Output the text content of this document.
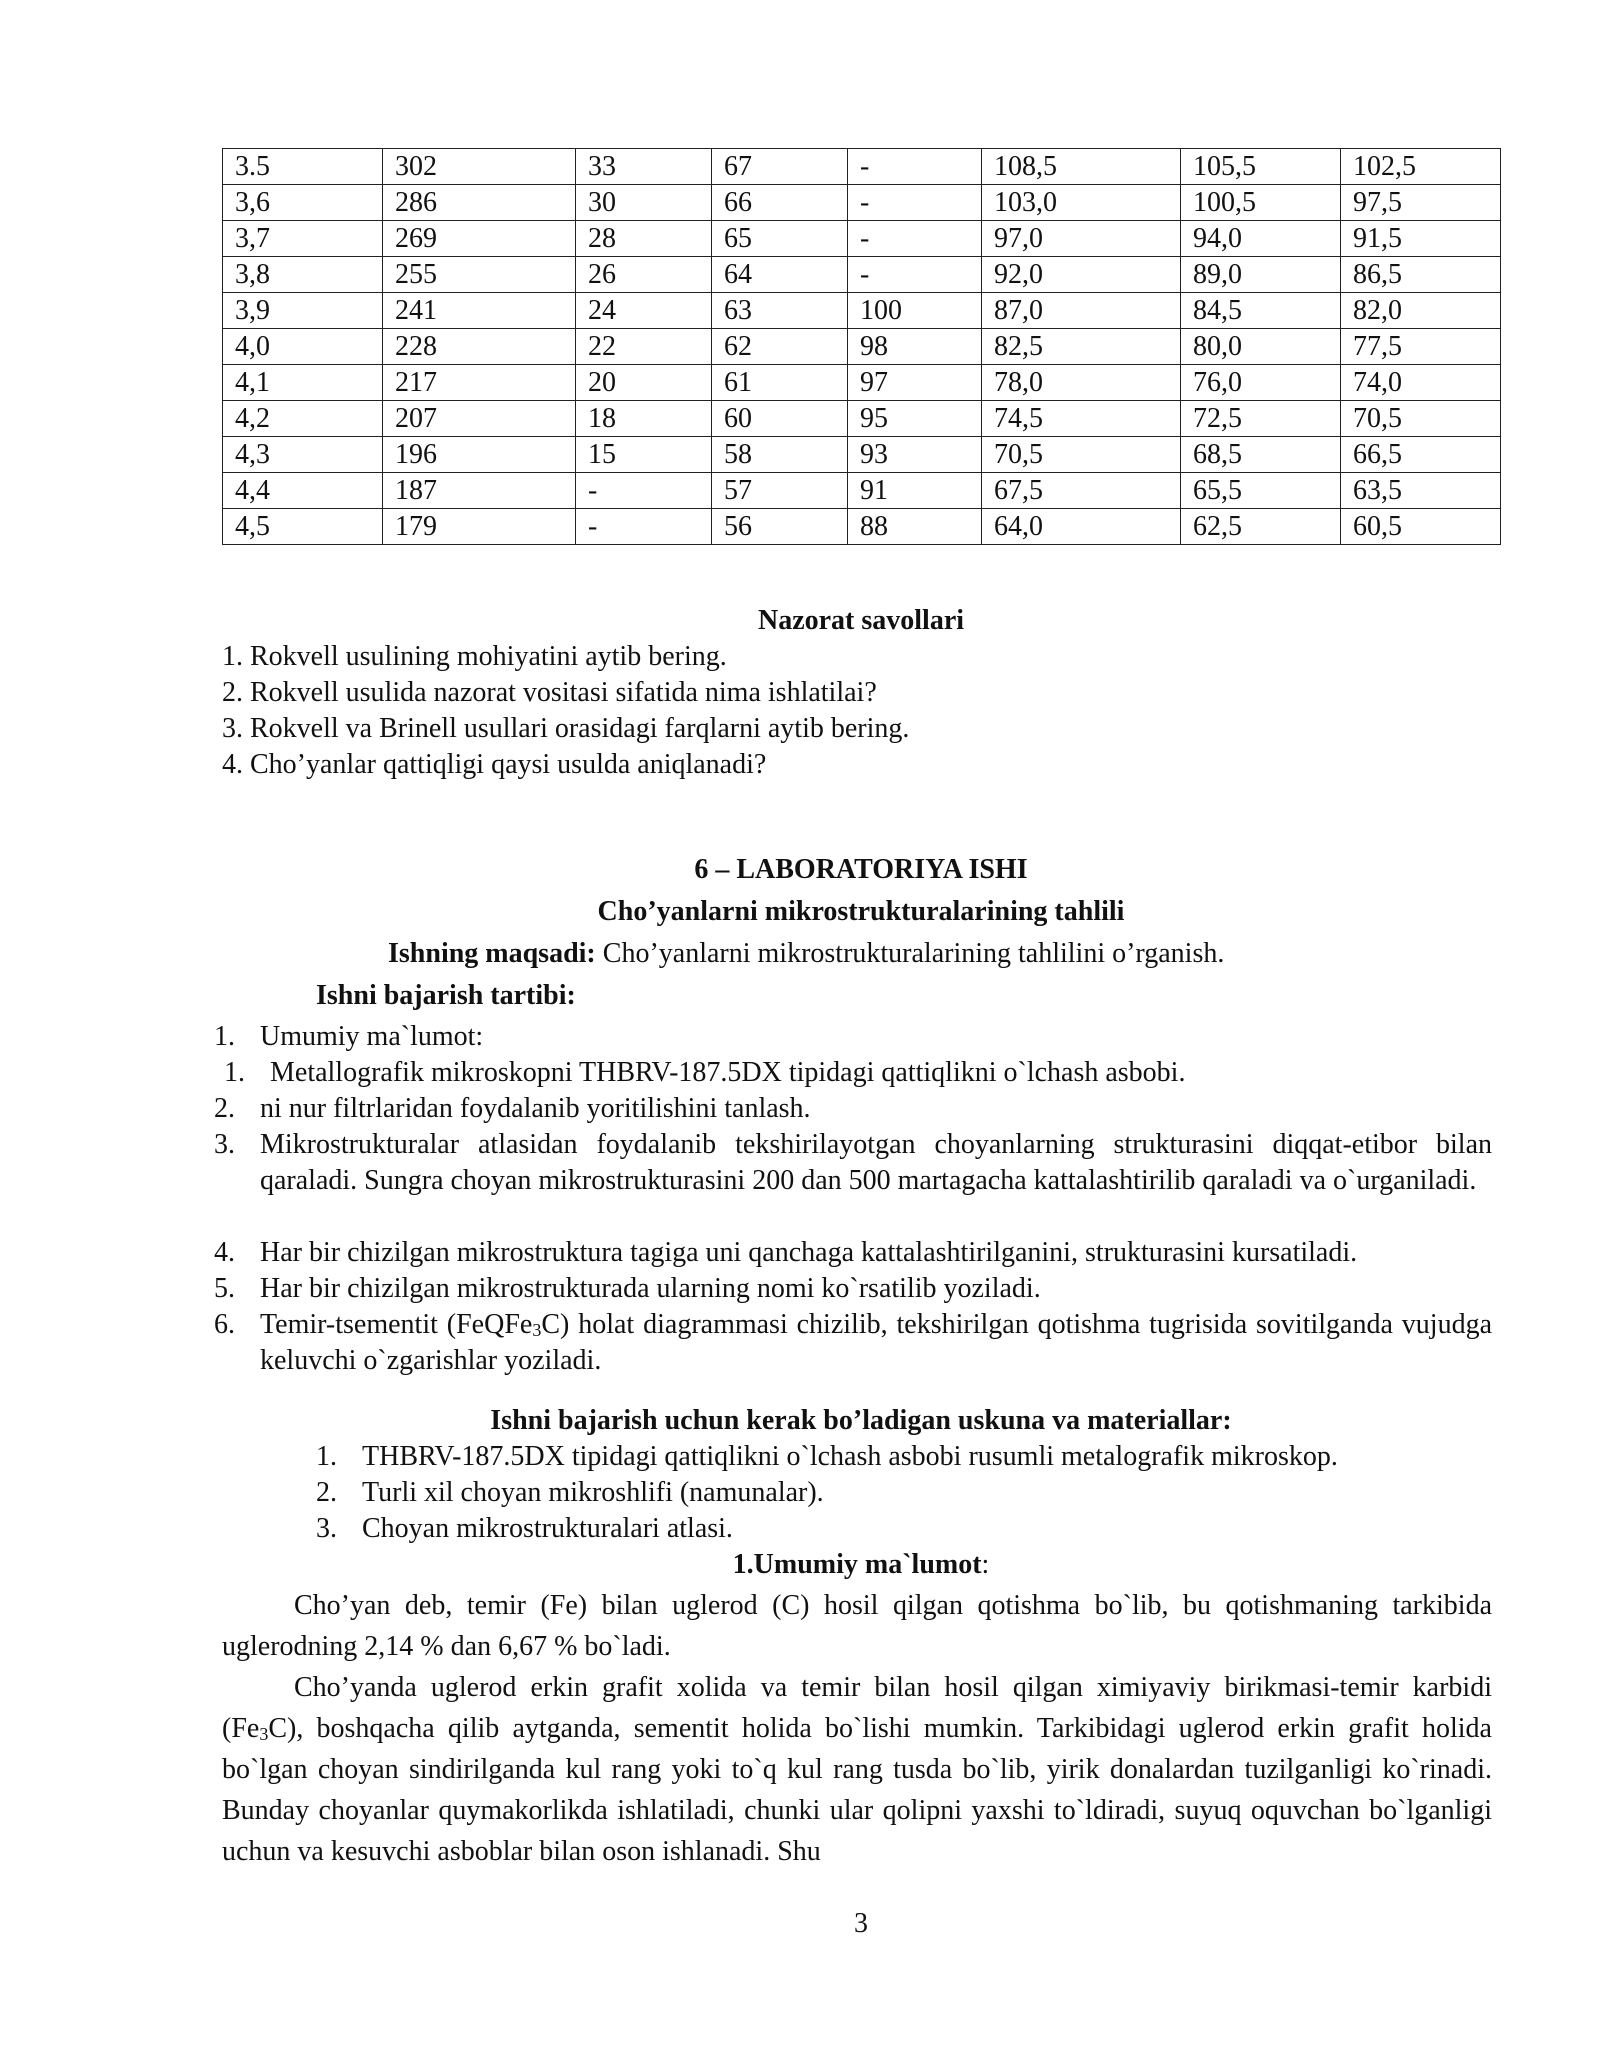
3.5	302	33	67	-	108,5	105,5	102,5
3,6	286	30	66	-	103,0	100,5	97,5
3,7	269	28	65	-	97,0	94,0	91,5
3,8	255	26	64	-	92,0	89,0	86,5
3,9	241	24	63	100	87,0	84,5	82,0
4,0	228	22	62	98	82,5	80,0	77,5
4,1	217	20	61	97	78,0	76,0	74,0
4,2	207	18	60	95	74,5	72,5	70,5
4,3	196	15	58	93	70,5	68,5	66,5
4,4	187	-	57	91	67,5	65,5	63,5
4,5	179	-	56	88	64,0	62,5	60,5
Nazorat savollari
1. Rokvell usulining mohiyatini aytib bering.
2. Rokvell usulida nazorat vositasi sifatida nima ishlatilai?
3. Rokvell va Brinell usullari orasidagi farqlarni aytib bering.
4. Cho’yanlar qattiqligi qaysi usulda aniqlanadi?
6 – LABORATORIYA ISHI
Cho’yanlarni mikrostrukturalarining tahlili
Ishning maqsadi: Cho’yanlarni mikrostrukturalarining tahlilini o’rganish.
Ishni bajarish tartibi:
1. Umumiy ma`lumot:
1. Metallografik mikroskopni THBRV-187.5DX tipidagi qattiqlikni o`lchash asbobi.
2. ni nur filtrlaridan foydalanib yoritilishini tanlash.
3. Mikrostrukturalar atlasidan foydalanib tekshirilayotgan choyanlarning strukturasini diqqat-etibor bilan qaraladi. Sungra choyan mikrostrukturasini 200 dan 500 martagacha kattalashtirilib qaraladi va o`urganiladi.
4. Har bir chizilgan mikrostruktura tagiga uni qanchaga kattalashtirilganini, strukturasini kursatiladi.
5. Har bir chizilgan mikrostrukturada ularning nomi ko`rsatilib yoziladi.
6. Temir-tsementit (FeQFe$_3$C) holat diagrammasi chizilib, tekshirilgan qotishma tugrisida sovitilganda vujudga keluvchi o`zgarishlar yoziladi.
Ishni bajarish uchun kerak bo’ladigan uskuna va materiallar:
1. THBRV-187.5DX tipidagi qattiqlikni o`lchash asbobi rusumli metalografik mikroskop.
2. Turli xil choyan mikroshlifi (namunalar).
3. Choyan mikrostrukturalari atlasi.
1.Umumiy ma`lumot:
Cho’yan deb, temir (Fe) bilan uglerod (C) hosil qilgan qotishma bo`lib, bu qotishmaning tarkibida uglerodning 2,14 % dan 6,67 % bo`ladi.
Cho’yanda uglerod erkin grafit xolida va temir bilan hosil qilgan ximiyaviy birikmasi-temir karbidi $(Fe_3C)$, boshqacha qilib aytganda, sementit holida bo`lishi mumkin. Tarkibidagi uglerod erkin grafit holida bo`lgan choyan sindirilganda kul rang yoki to`q kul rang tusda bo`lib, yirik donalardan tuzilganligi ko`rinadi. Bunday choyanlar quymakorlikda ishlatiladi, chunki ular qolipni yaxshi to`ldiradi, suyuq oquvchan bo`lganligi uchun va kesuvchi asboblar bilan oson ishlanadi. Shu
3
